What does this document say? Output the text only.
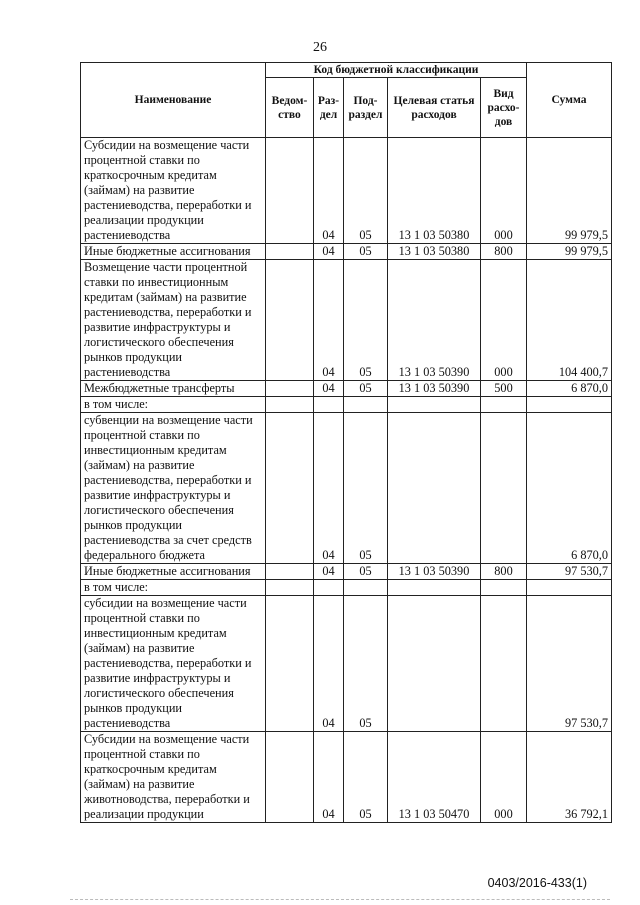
26
Наименование	Код бюджетной классификации					Сумма
	Ведом-ство	Раз-дел	Под-раздел	Целевая статья расходов	Вид расхо-дов	
Субсидии на возмещение части процентной ставки по краткосрочным кредитам (займам) на развитие растениеводства, переработки и реализации продукции растениеводства		04	05	13 1 03 50380	000	99 979,5
Иные бюджетные ассигнования		04	05	13 1 03 50380	800	99 979,5
Возмещение части процентной ставки по инвестиционным кредитам (займам) на развитие растениеводства, переработки и развитие инфраструктуры и логистического обеспечения рынков продукции растениеводства		04	05	13 1 03 50390	000	104 400,7
Межбюджетные трансферты		04	05	13 1 03 50390	500	6 870,0
в том числе:						
субвенции на возмещение части процентной ставки по инвестиционным кредитам (займам) на развитие растениеводства, переработки и развитие инфраструктуры и логистического обеспечения рынков продукции растениеводства за счет средств федерального бюджета		04	05			6 870,0
Иные бюджетные ассигнования		04	05	13 1 03 50390	800	97 530,7
в том числе:						
субсидии на возмещение части процентной ставки по инвестиционным кредитам (займам) на развитие растениеводства, переработки и развитие инфраструктуры и логистического обеспечения рынков продукции растениеводства		04	05			97 530,7
Субсидии на возмещение части процентной ставки по краткосрочным кредитам (займам) на развитие животноводства, переработки и реализации продукции		04	05	13 1 03 50470	000	36 792,1
0403/2016-433(1)
